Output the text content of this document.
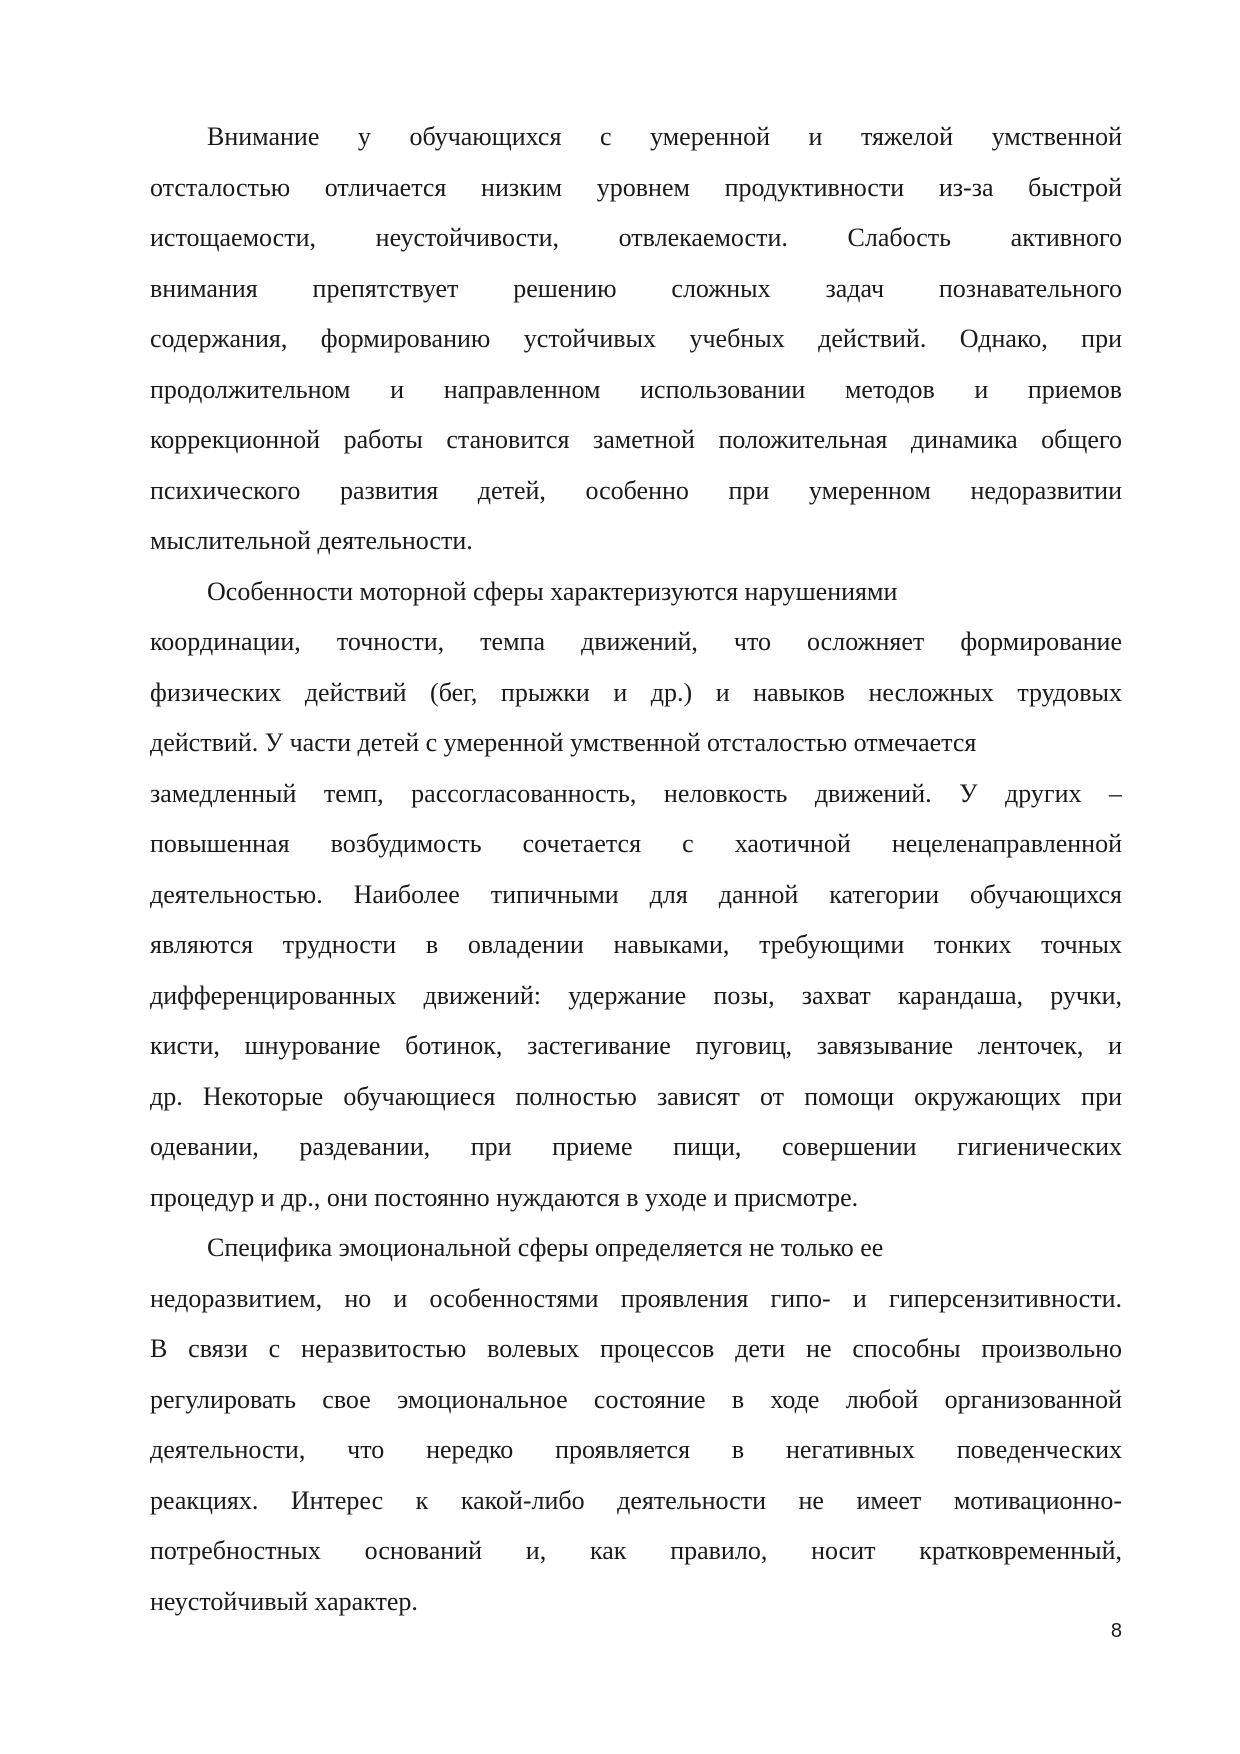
Внимание у обучающихся с умеренной и тяжелой умственной
отсталостью отличается низким уровнем продуктивности из-за быстрой
истощаемости, неустойчивости, отвлекаемости. Слабость активного
внимания препятствует решению сложных задач познавательного
содержания, формированию устойчивых учебных действий. Однако, при
продолжительном и направленном использовании методов и приемов
коррекционной работы становится заметной положительная динамика общего
психического развития детей, особенно при умеренном недоразвитии
мыслительной деятельности.
Особенности моторной сферы характеризуются нарушениями
координации, точности, темпа движений, что осложняет формирование
физических действий (бег, прыжки и др.) и навыков несложных трудовых
действий. У части детей с умеренной умственной отсталостью отмечается
замедленный темп, рассогласованность, неловкость движений. У других –
повышенная возбудимость сочетается с хаотичной нецеленаправленной
деятельностью. Наиболее типичными для данной категории обучающихся
являются трудности в овладении навыками, требующими тонких точных
дифференцированных движений: удержание позы, захват карандаша, ручки,
кисти, шнурование ботинок, застегивание пуговиц, завязывание ленточек, и
др. Некоторые обучающиеся полностью зависят от помощи окружающих при
одевании, раздевании, при приеме пищи, совершении гигиенических
процедур и др., они постоянно нуждаются в уходе и присмотре.
Специфика эмоциональной сферы определяется не только ее
недоразвитием, но и особенностями проявления гипо- и гиперсензитивности.
В связи с неразвитостью волевых процессов дети не способны произвольно
регулировать свое эмоциональное состояние в ходе любой организованной
деятельности, что нередко проявляется в негативных поведенческих
реакциях. Интерес к какой-либо деятельности не имеет мотивационно-
потребностных оснований и, как правило, носит кратковременный,
неустойчивый характер.
8
